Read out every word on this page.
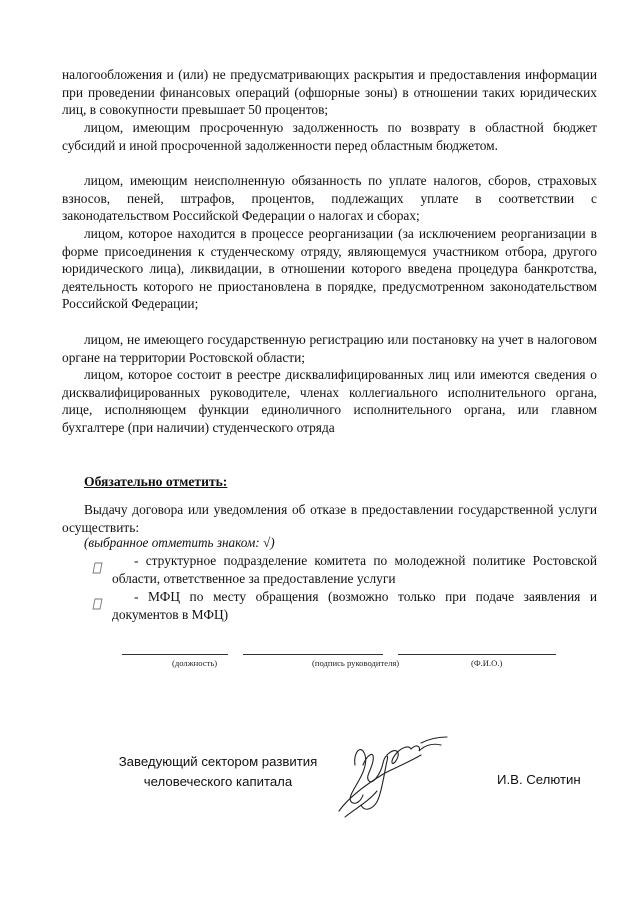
налогообложения и (или) не предусматривающих раскрытия и предоставления информации при проведении финансовых операций (офшорные зоны) в отношении таких юридических лиц, в совокупности превышает 50 процентов;

лицом, имеющим просроченную задолженность по возврату в областной бюджет субсидий и иной просроченной задолженности перед областным бюджетом.

лицом, имеющим неисполненную обязанность по уплате налогов, сборов, страховых взносов, пеней, штрафов, процентов, подлежащих уплате в соответствии с законодательством Российской Федерации о налогах и сборах;

лицом, которое находится в процессе реорганизации (за исключением реорганизации в форме присоединения к студенческому отряду, являющемуся участником отбора, другого юридического лица), ликвидации, в отношении которого введена процедура банкротства, деятельность которого не приостановлена в порядке, предусмотренном законодательством Российской Федерации;

лицом, не имеющего государственную регистрацию или постановку на учет в налоговом органе на территории Ростовской области;

лицом, которое состоит в реестре дисквалифицированных лиц или имеются сведения о дисквалифицированных руководителе, членах коллегиального исполнительного органа, лице, исполняющем функции единоличного исполнительного органа, или главном бухгалтере (при наличии) студенческого отряда

Обязательно отметить:

Выдачу договора или уведомления об отказе в предоставлении государственной услуги осуществить:

(выбранное отметить знаком: √)

- структурное подразделение комитета по молодежной политике Ростовской области, ответственное за предоставление услуги

- МФЦ по месту обращения (возможно только при подаче заявления и документов в МФЦ)

(должность)	(подпись руководителя)	(Ф.И.О.)

Заведующий сектором развития человеческого капитала	И.В. Селютин
